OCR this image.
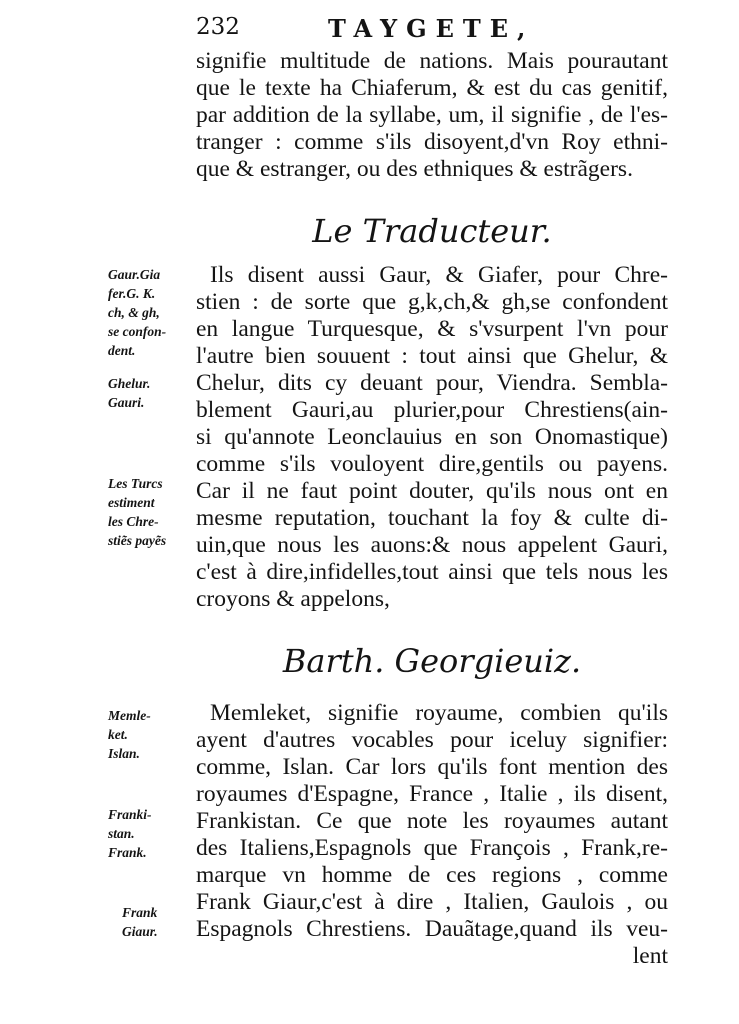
232	TAYGETE,
signifie multitude de nations. Mais pourautant
que le texte ha Chiaferum, & est du cas genitif,
par addition de la syllabe, um, il signifie , de l'es-
tranger : comme s'ils disoyent,d'vn Roy ethni-
que & estranger, ou des ethniques & estrãgers.
Le Traducteur.
Ils disent aussi Gaur, & Giafer, pour Chre-
stien : de sorte que g,k,ch,& gh,se confondent
en langue Turquesque, & s'vsurpent l'vn pour
l'autre bien souuent : tout ainsi que Ghelur, &
Chelur, dits cy deuant pour, Viendra. Sembla-
blement Gauri,au plurier,pour Chrestiens(ain-
si qu'annote Leonclauius en son Onomastique)
comme s'ils vouloyent dire,gentils ou payens.
Car il ne faut point douter, qu'ils nous ont en
mesme reputation, touchant la foy & culte di-
uin,que nous les auons:& nous appelent Gauri,
c'est à dire,infidelles,tout ainsi que tels nous les
croyons & appelons,
Gaur.Gia
fer.G. K.
ch, & gh,
se confon-
dent.
Ghelur.
Gauri.
Les Turcs
estiment
les Chre-
stiẽs payẽs
Barth. Georgieuiz.
Memleket, signifie royaume, combien qu'ils
ayent d'autres vocables pour iceluy signifier:
comme, Islan. Car lors qu'ils font mention des
royaumes d'Espagne, France , Italie , ils disent,
Frankistan. Ce que note les royaumes autant
des Italiens,Espagnols que François , Frank,re-
marque vn homme de ces regions , comme
Frank Giaur,c'est à dire , Italien, Gaulois , ou
Espagnols Chrestiens. Dauãtage,quand ils veu-
lent
Memle-
ket.
Islan.
Franki-
stan.
Frank.
Frank
Giaur.
